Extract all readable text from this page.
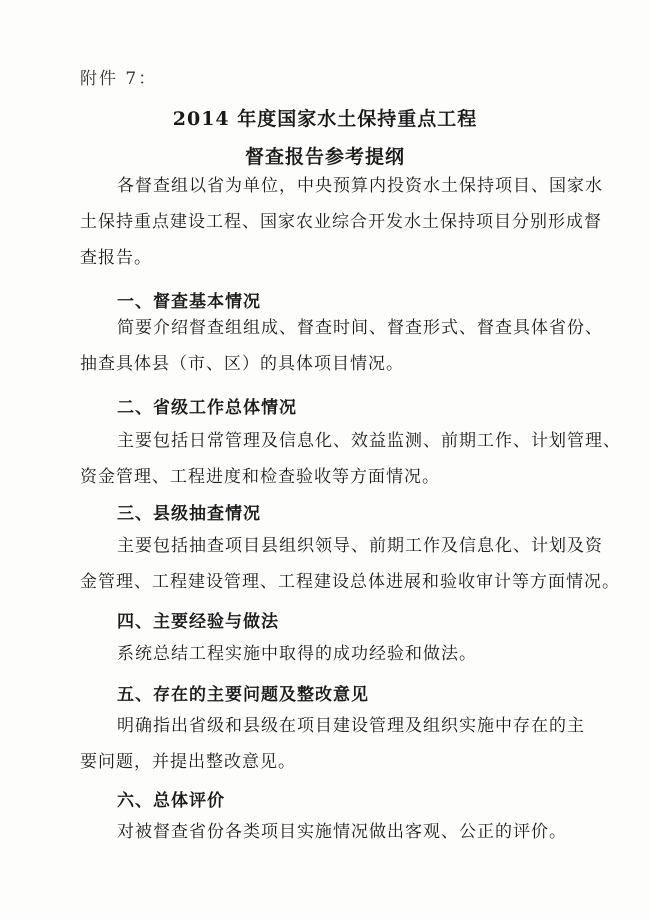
附件 7：
2014 年度国家水土保持重点工程
督查报告参考提纲
各督查组以省为单位，中央预算内投资水土保持项目、国家水
土保持重点建设工程、国家农业综合开发水土保持项目分别形成督
查报告。
一、督查基本情况
简要介绍督查组组成、督查时间、督查形式、督查具体省份、
抽查具体县（市、区）的具体项目情况。
二、省级工作总体情况
主要包括日常管理及信息化、效益监测、前期工作、计划管理、
资金管理、工程进度和检查验收等方面情况。
三、县级抽查情况
主要包括抽查项目县组织领导、前期工作及信息化、计划及资
金管理、工程建设管理、工程建设总体进展和验收审计等方面情况。
四、主要经验与做法
系统总结工程实施中取得的成功经验和做法。
五、存在的主要问题及整改意见
明确指出省级和县级在项目建设管理及组织实施中存在的主
要问题，并提出整改意见。
六、总体评价
对被督查省份各类项目实施情况做出客观、公正的评价。
